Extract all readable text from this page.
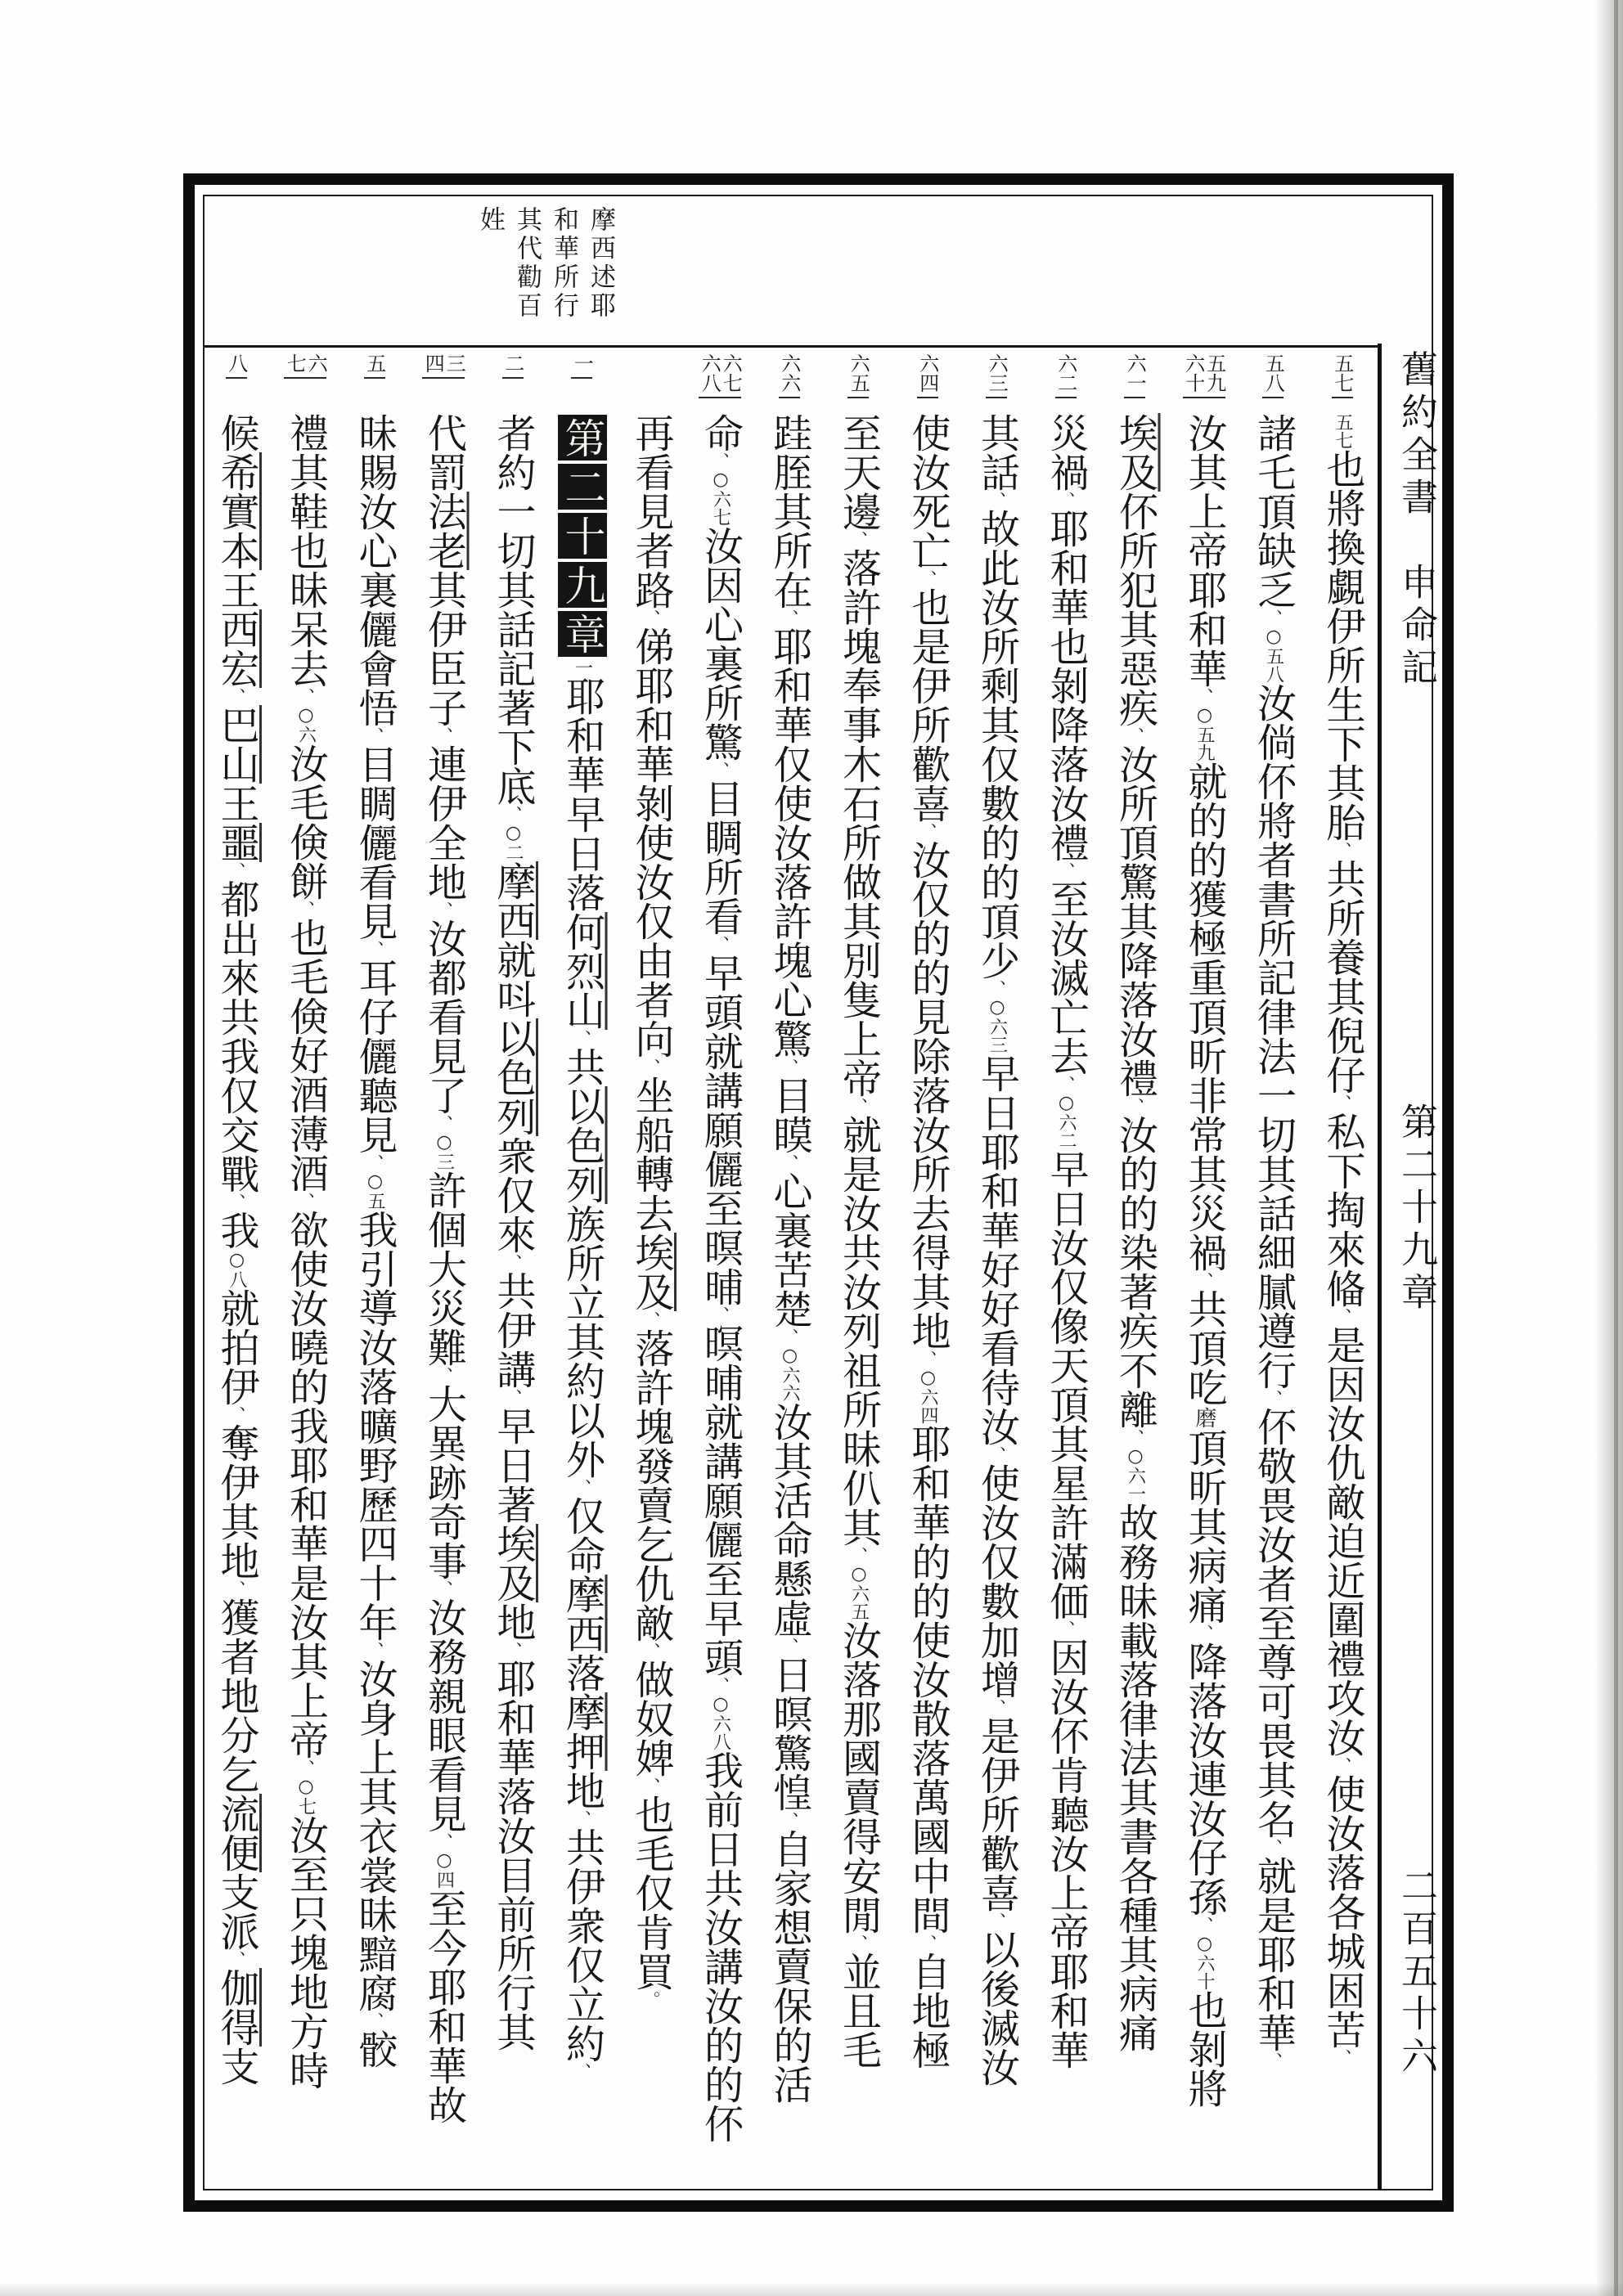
摩西述耶和華所行其代勸百姓
舊約全書
申命記
第二十九章
二百五十六
五七
五七也將換覷伊所生下其胎、共所養其倪仔、私下掏來偹、是因汝仇敵迫近圍禮攻汝、使汝落各城困苦、
五八
諸乇頂缺乏、○五八汝倘伓將者書所記律法一切其話細膩遵行、伓敬畏汝者至尊可畏其名、就是耶和華、
五九
六十
汝其上帝耶和華、○五九就的的獲極重頂昕非常其災禍、共頂吃磨頂昕其病痛、降落汝連汝仔孫、○六十也剝將
六一
埃及伓所犯其惡疾、汝所頂驚其降落汝禮、汝的的染著疾不離、○六一故務昧載落律法其書各種其病痛
六二
災禍、耶和華也剝降落汝禮、至汝滅亡去、○六二早日汝仅像天頂其星許滿価、因汝伓肯聽汝上帝耶和華
六三
其話、故此汝所剩其仅數的的頂少、○六三早日耶和華好好看待汝、使汝仅數加增、是伊所歡喜、以後滅汝
六四
使汝死亡、也是伊所歡喜、汝仅的的見除落汝所去得其地、○六四耶和華的的使汝散落萬國中間、自地極
六五
至天邊、落許塊奉事木石所做其別隻上帝、就是汝共汝列祖所昧仈其、○六五汝落那國賣得安閒、並且毛
六六
跬胵其所在、耶和華仅使汝落許塊心驚、目瞙、心裏苦楚、○六六汝其活命懸虛、日暝驚惶、自家想賣保的活
六七
六八
命、○六七汝因心裏所驚、目睭所看、早頭就講願儷至暝晡、暝晡就講願儷至早頭、○六八我前日共汝講汝的的伓
再看見者路、俤耶和華剝使汝仅由者向、坐船轉去埃及、落許塊發賣乞仇敵、做奴婢、也毛仅肯買。
一
第二十九章一耶和華早日落何烈山、共以色列族所立其約以外、仅命摩西落摩押地、共伊衆仅立約、
二
者約一切其話記著下底、○二摩西就呌以色列衆仅來、共伊講、早日著埃及地、耶和華落汝目前所行其
三
四
代罰法老其伊臣子、連伊全地、汝都看見了、○三許個大災難、大異跡奇事、汝務親眼看見、○四至今耶和華故
五
昧賜汝心裏儷會悟、目睭儷看見、耳仔儷聽見、○五我引導汝落曠野歷四十年、汝身上其衣裳昧黯腐、骹
六
七
禮其鞋也昧呆去、○六汝毛倹餅、也毛倹好酒薄酒、欲使汝曉的我耶和華是汝其上帝、○七汝至只塊地方時
八
候希實本王西宏、巴山王噩、都出來共我仅交戰、我○八就拍伊、奪伊其地、獲者地分乞流便支派、伽得支
